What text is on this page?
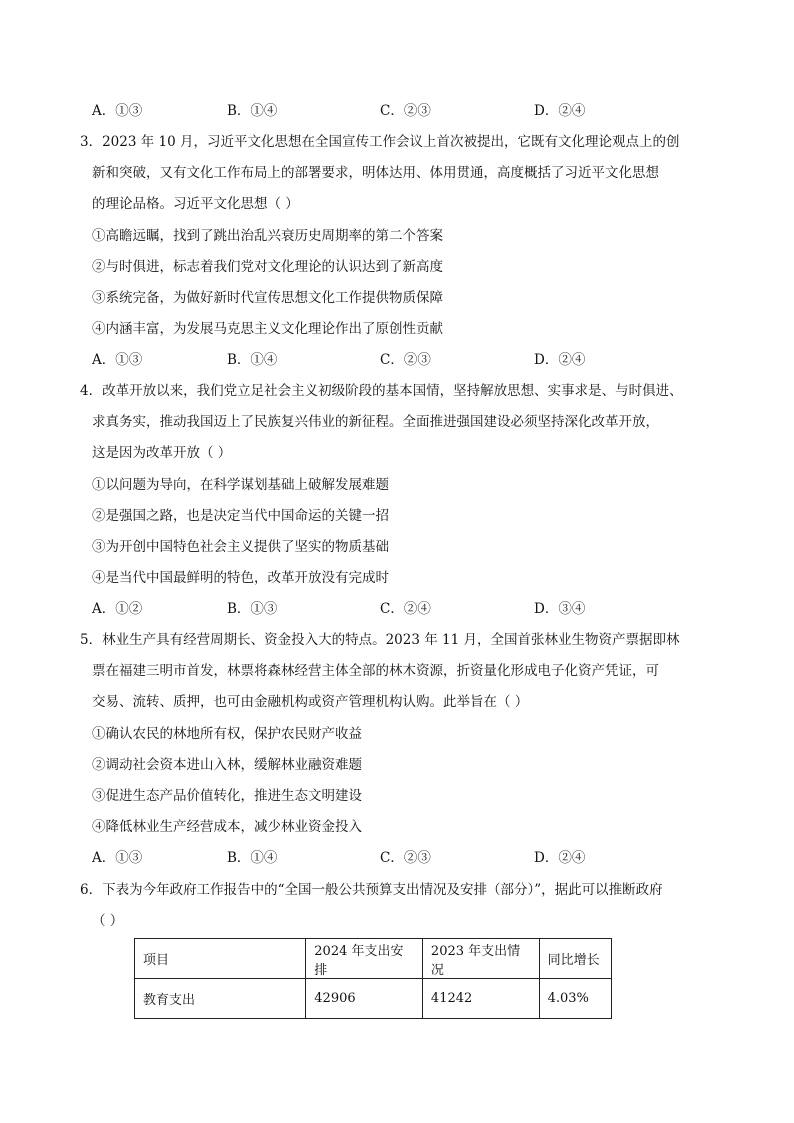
A．①③	B．①④	C．②③	D．②④
3．2023 年 10 月，习近平文化思想在全国宣传工作会议上首次被提出，它既有文化理论观点上的创
新和突破，又有文化工作布局上的部署要求，明体达用、体用贯通，高度概括了习近平文化思想
的理论品格。习近平文化思想（ ）
①高瞻远瞩，找到了跳出治乱兴衰历史周期率的第二个答案
②与时俱进，标志着我们党对文化理论的认识达到了新高度
③系统完备，为做好新时代宣传思想文化工作提供物质保障
④内涵丰富，为发展马克思主义文化理论作出了原创性贡献
A．①③	B．①④	C．②③	D．②④
4．改革开放以来，我们党立足社会主义初级阶段的基本国情，坚持解放思想、实事求是、与时俱进、
求真务实，推动我国迈上了民族复兴伟业的新征程。全面推进强国建设必须坚持深化改革开放，
这是因为改革开放（ ）
①以问题为导向，在科学谋划基础上破解发展难题
②是强国之路，也是决定当代中国命运的关键一招
③为开创中国特色社会主义提供了坚实的物质基础
④是当代中国最鲜明的特色，改革开放没有完成时
A．①②	B．①③	C．②④	D．③④
5．林业生产具有经营周期长、资金投入大的特点。2023 年 11 月，全国首张林业生物资产票据即林
票在福建三明市首发，林票将森林经营主体全部的林木资源，折资量化形成电子化资产凭证，可
交易、流转、质押，也可由金融机构或资产管理机构认购。此举旨在（ ）
①确认农民的林地所有权，保护农民财产收益
②调动社会资本进山入林，缓解林业融资难题
③促进生态产品价值转化，推进生态文明建设
④降低林业生产经营成本，减少林业资金投入
A．①③	B．①④	C．②③	D．②④
6．下表为今年政府工作报告中的“全国一般公共预算支出情况及安排（部分）”，据此可以推断政府
（ ）
项目	2024 年支出安排	2023 年支出情况	同比增长
教育支出	42906	41242	4.03%
